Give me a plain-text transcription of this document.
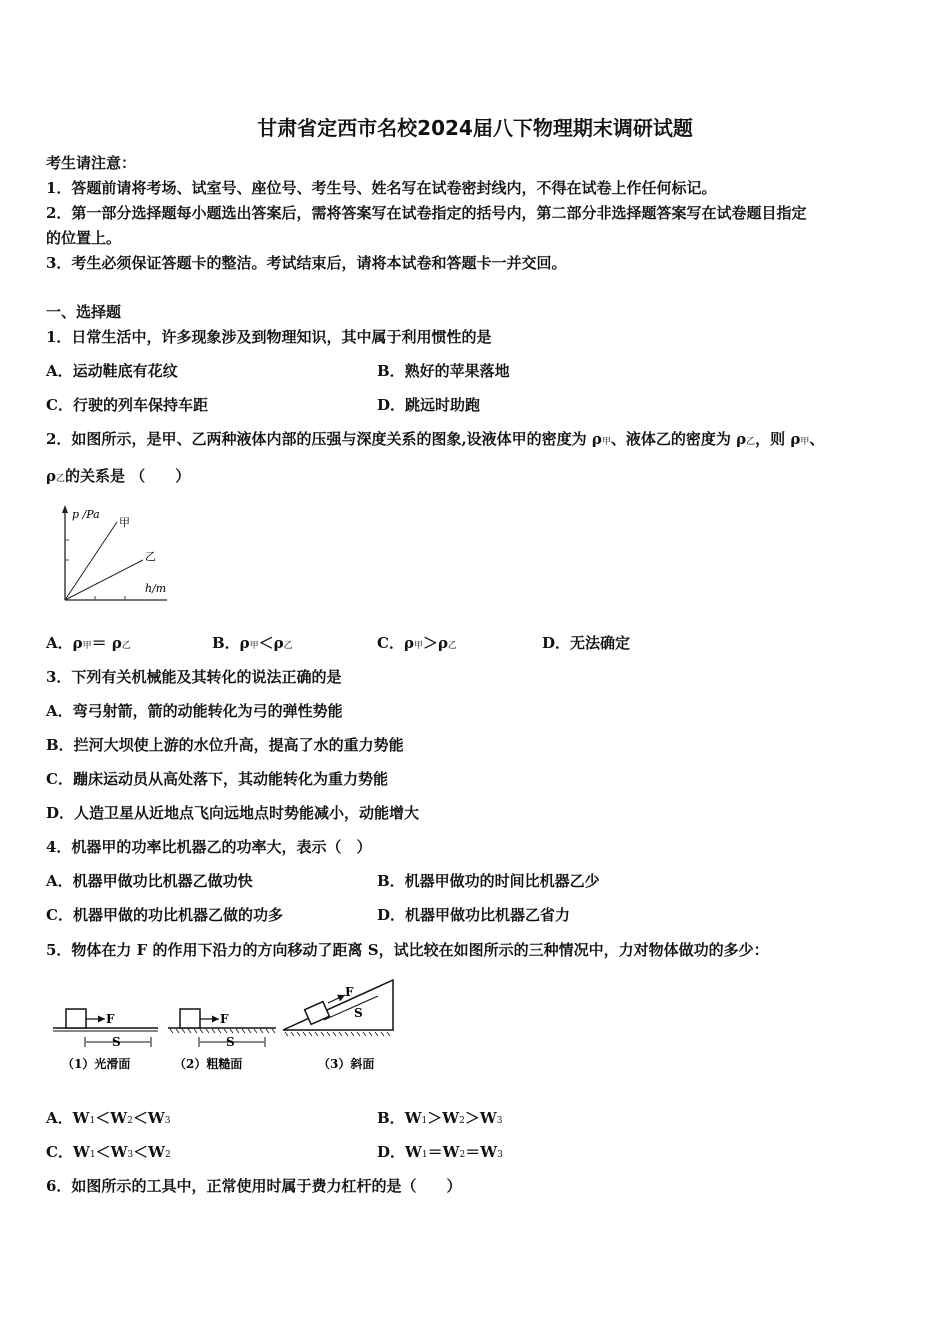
甘肃省定西市名校2024届八下物理期末调研试题
考生请注意：
1．答题前请将考场、试室号、座位号、考生号、姓名写在试卷密封线内，不得在试卷上作任何标记。
2．第一部分选择题每小题选出答案后，需将答案写在试卷指定的括号内，第二部分非选择题答案写在试卷题目指定
的位置上。
3．考生必须保证答题卡的整洁。考试结束后，请将本试卷和答题卡一并交回。
一、选择题
1．日常生活中，许多现象涉及到物理知识，其中属于利用惯性的是
A．运动鞋底有花纹	B．熟好的苹果落地
C．行驶的列车保持车距	D．跳远时助跑
2．如图所示，是甲、乙两种液体内部的压强与深度关系的图象,设液体甲的密度为 ρ甲、液体乙的密度为 ρ乙，则 ρ甲、
ρ乙的关系是 （　　）
p /Pa
h/m
甲
乙
A．ρ甲＝ ρ乙	B．ρ甲＜ρ乙	C．ρ甲＞ρ乙	D．无法确定
3．下列有关机械能及其转化的说法正确的是
A．弯弓射箭，箭的动能转化为弓的弹性势能
B．拦河大坝使上游的水位升高，提高了水的重力势能
C．蹦床运动员从高处落下，其动能转化为重力势能
D．人造卫星从近地点飞向远地点时势能减小，动能增大
4．机器甲的功率比机器乙的功率大，表示（　）
A．机器甲做功比机器乙做功快	B．机器甲做功的时间比机器乙少
C．机器甲做的功比机器乙做的功多	D．机器甲做功比机器乙省力
5．物体在力 F 的作用下沿力的方向移动了距离 S，试比较在如图所示的三种情况中，力对物体做功的多少：
F
S
（1）光滑面
F
S
（2）粗糙面
F
S
（3）斜面
A．W1＜W2＜W3	B．W1＞W2＞W3
C．W1＜W3＜W2	D．W1＝W2＝W3
6．如图所示的工具中，正常使用时属于费力杠杆的是（　　）
